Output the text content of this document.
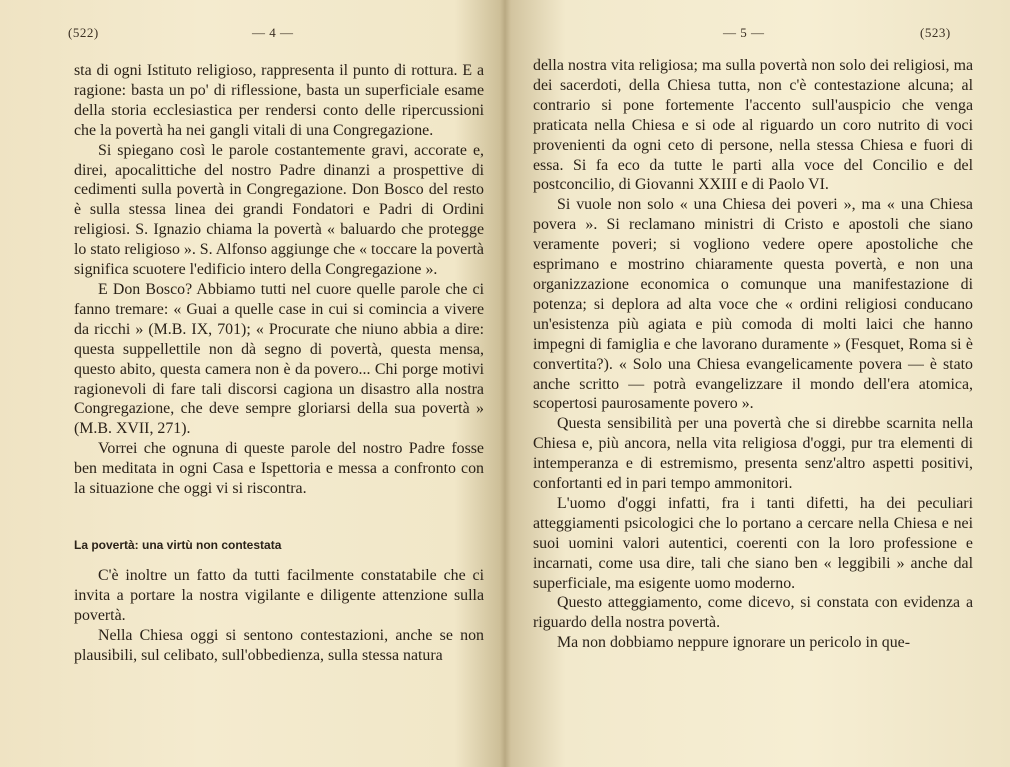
(522)	— 4 —

sta di ogni Istituto religioso, rappresenta il punto di rottura. E a ragione: basta un po' di riflessione, basta un superficiale esame della storia ecclesiastica per rendersi conto delle ripercussioni che la povertà ha nei gangli vitali di una Congregazione.

Si spiegano così le parole costantemente gravi, accorate e, direi, apocalittiche del nostro Padre dinanzi a prospettive di cedimenti sulla povertà in Congregazione. Don Bosco del resto è sulla stessa linea dei grandi Fondatori e Padri di Ordini religiosi. S. Ignazio chiama la povertà « baluardo che protegge lo stato religioso ». S. Alfonso aggiunge che « toccare la povertà significa scuotere l'edificio intero della Congregazione ».

E Don Bosco? Abbiamo tutti nel cuore quelle parole che ci fanno tremare: « Guai a quelle case in cui si comincia a vivere da ricchi » (M.B. IX, 701); « Procurate che niuno abbia a dire: questa suppellettile non dà segno di povertà, questa mensa, questo abito, questa camera non è da povero... Chi porge motivi ragionevoli di fare tali discorsi cagiona un disastro alla nostra Congregazione, che deve sempre gloriarsi della sua povertà » (M.B. XVII, 271).

Vorrei che ognuna di queste parole del nostro Padre fosse ben meditata in ogni Casa e Ispettoria e messa a confronto con la situazione che oggi vi si riscontra.

La povertà: una virtù non contestata

C'è inoltre un fatto da tutti facilmente constatabile che ci invita a portare la nostra vigilante e diligente attenzione sulla povertà.

Nella Chiesa oggi si sentono contestazioni, anche se non plausibili, sul celibato, sull'obbedienza, sulla stessa natura

— 5 —	(523)

della nostra vita religiosa; ma sulla povertà non solo dei religiosi, ma dei sacerdoti, della Chiesa tutta, non c'è contestazione alcuna; al contrario si pone fortemente l'accento sull'auspicio che venga praticata nella Chiesa e si ode al riguardo un coro nutrito di voci provenienti da ogni ceto di persone, nella stessa Chiesa e fuori di essa. Si fa eco da tutte le parti alla voce del Concilio e del postconcilio, di Giovanni XXIII e di Paolo VI.

Si vuole non solo « una Chiesa dei poveri », ma « una Chiesa povera ». Si reclamano ministri di Cristo e apostoli che siano veramente poveri; si vogliono vedere opere apostoliche che esprimano e mostrino chiaramente questa povertà, e non una organizzazione economica o comunque una manifestazione di potenza; si deplora ad alta voce che « ordini religiosi conducano un'esistenza più agiata e più comoda di molti laici che hanno impegni di famiglia e che lavorano duramente » (Fesquet, Roma si è convertita?). « Solo una Chiesa evangelicamente povera — è stato anche scritto — potrà evangelizzare il mondo dell'era atomica, scopertosi paurosamente povero ».

Questa sensibilità per una povertà che si direbbe scarnita nella Chiesa e, più ancora, nella vita religiosa d'oggi, pur tra elementi di intemperanza e di estremismo, presenta senz'altro aspetti positivi, confortanti ed in pari tempo ammonitori.

L'uomo d'oggi infatti, fra i tanti difetti, ha dei peculiari atteggiamenti psicologici che lo portano a cercare nella Chiesa e nei suoi uomini valori autentici, coerenti con la loro professione e incarnati, come usa dire, tali che siano ben « leggibili » anche dal superficiale, ma esigente uomo moderno.

Questo atteggiamento, come dicevo, si constata con evidenza a riguardo della nostra povertà.

Ma non dobbiamo neppure ignorare un pericolo in que-
